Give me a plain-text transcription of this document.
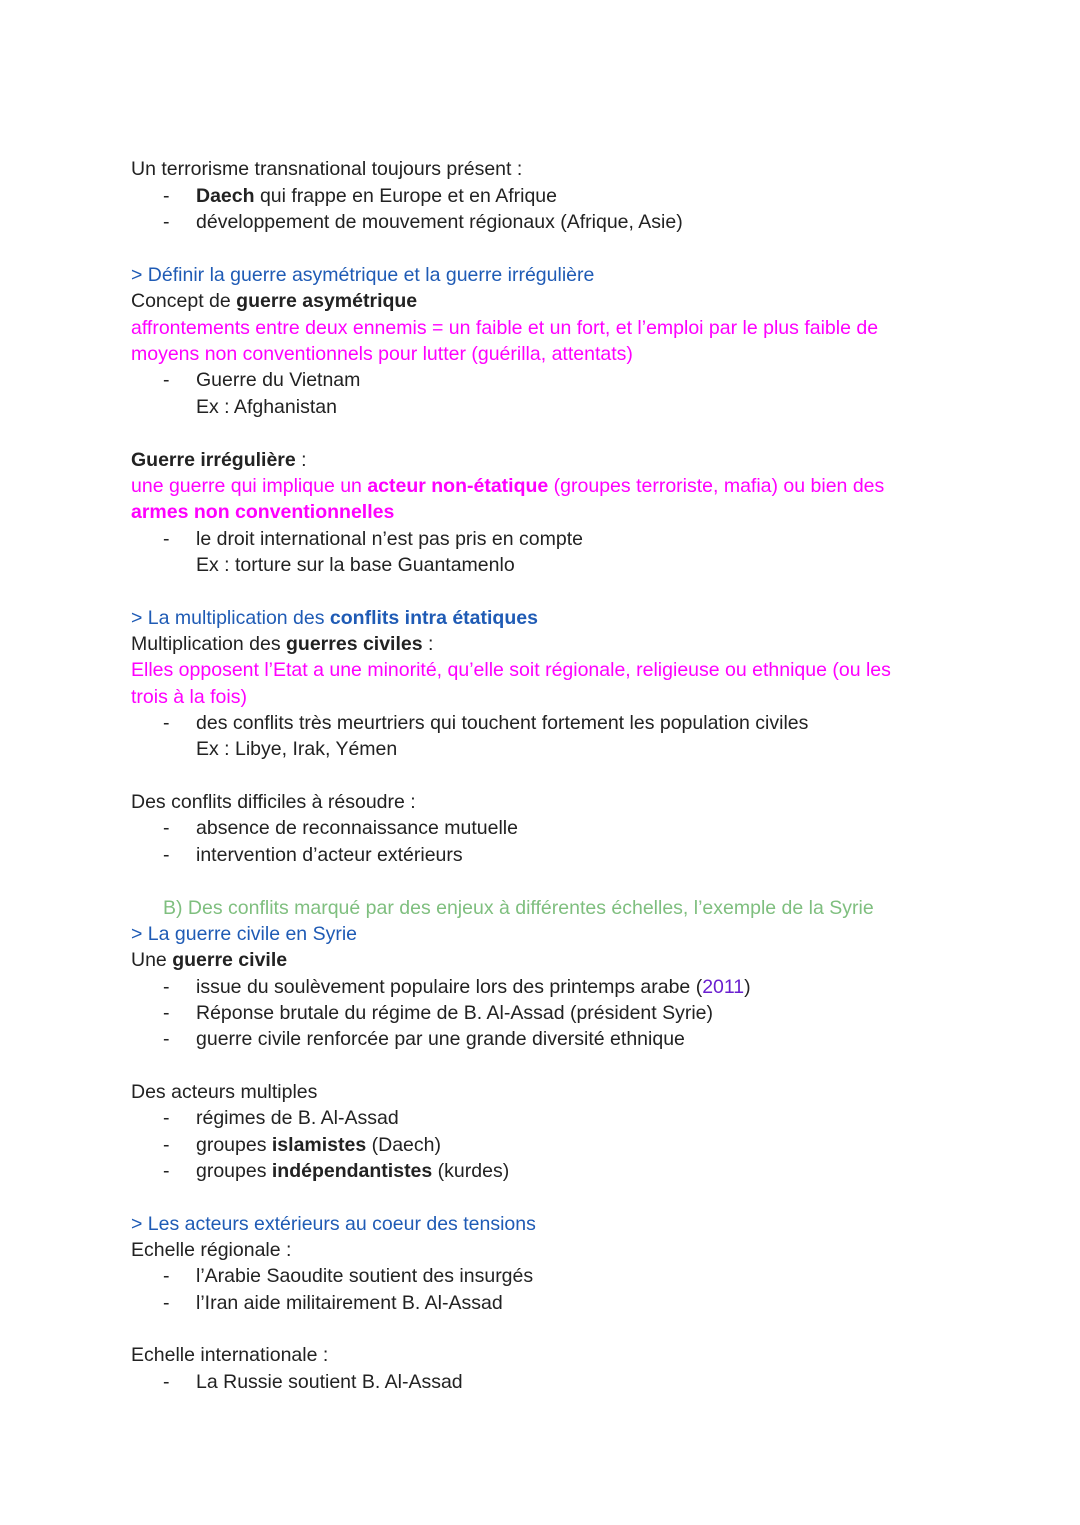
Un terrorisme transnational toujours présent :
- Daech qui frappe en Europe et en Afrique
- développement de mouvement régionaux (Afrique, Asie)
> Définir la guerre asymétrique et la guerre irrégulière
Concept de guerre asymétrique
affrontements entre deux ennemis = un faible et un fort, et l’emploi par le plus faible de
moyens non conventionnels pour lutter (guérilla, attentats)
- Guerre du Vietnam
Ex : Afghanistan
Guerre irrégulière :
une guerre qui implique un acteur non-étatique (groupes terroriste, mafia) ou bien des
armes non conventionnelles
- le droit international n’est pas pris en compte
Ex : torture sur la base Guantamenlo
> La multiplication des conflits intra étatiques
Multiplication des guerres civiles :
Elles opposent l’Etat a une minorité, qu’elle soit régionale, religieuse ou ethnique (ou les
trois à la fois)
- des conflits très meurtriers qui touchent fortement les population civiles
Ex : Libye, Irak, Yémen
Des conflits difficiles à résoudre :
- absence de reconnaissance mutuelle
- intervention d’acteur extérieurs
B) Des conflits marqué par des enjeux à différentes échelles, l’exemple de la Syrie
> La guerre civile en Syrie
Une guerre civile
- issue du soulèvement populaire lors des printemps arabe (2011)
- Réponse brutale du régime de B. Al-Assad (président Syrie)
- guerre civile renforcée par une grande diversité ethnique
Des acteurs multiples
- régimes de B. Al-Assad
- groupes islamistes (Daech)
- groupes indépendantistes (kurdes)
> Les acteurs extérieurs au coeur des tensions
Echelle régionale :
- l’Arabie Saoudite soutient des insurgés
- l’Iran aide militairement B. Al-Assad
Echelle internationale :
- La Russie soutient B. Al-Assad
